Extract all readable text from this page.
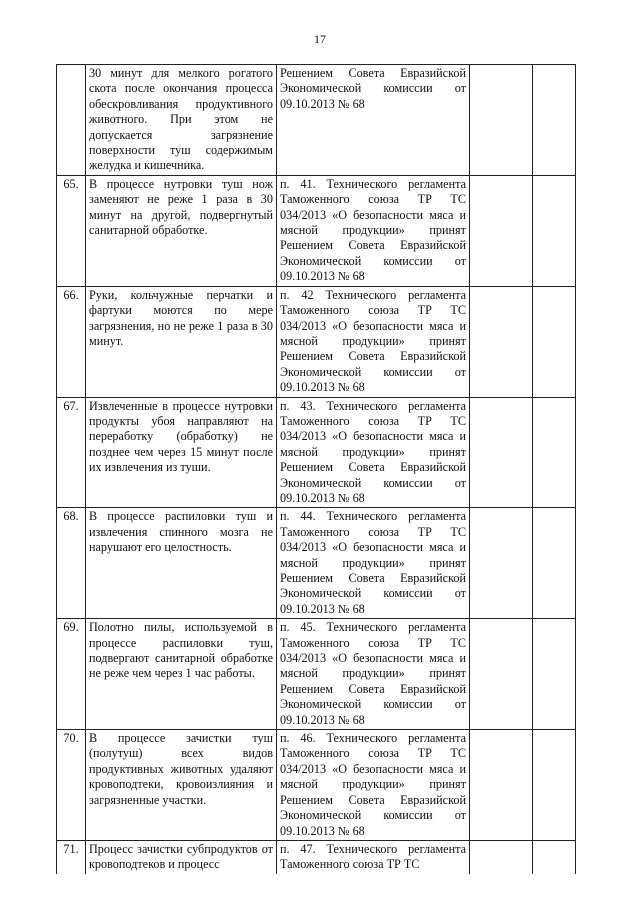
17
	30 минут для мелкого рогатого скота после окончания процесса обескровливания продуктивного животного. При этом не допускается загрязнение поверхности туш содержимым желудка и кишечника.	Решением Совета Евразийской Экономической комиссии от 09.10.2013 № 68		
65.	В процессе нутровки туш нож заменяют не реже 1 раза в 30 минут на другой, подвергнутый санитарной обработке.	п. 41. Технического регламента Таможенного союза ТР ТС 034/2013 «О безопасности мяса и мясной продукции» принят Решением Совета Евразийской Экономической комиссии от 09.10.2013 № 68		
66.	Руки, кольчужные перчатки и фартуки моются по мере загрязнения, но не реже 1 раза в 30 минут.	п. 42 Технического регламента Таможенного союза ТР ТС 034/2013 «О безопасности мяса и мясной продукции» принят Решением Совета Евразийской Экономической комиссии от 09.10.2013 № 68		
67.	Извлеченные в процессе нутровки продукты убоя направляют на переработку (обработку) не позднее чем через 15 минут после их извлечения из туши.	п. 43. Технического регламента Таможенного союза ТР ТС 034/2013 «О безопасности мяса и мясной продукции» принят Решением Совета Евразийской Экономической комиссии от 09.10.2013 № 68		
68.	В процессе распиловки туш и извлечения спинного мозга не нарушают его целостность.	п. 44. Технического регламента Таможенного союза ТР ТС 034/2013 «О безопасности мяса и мясной продукции» принят Решением Совета Евразийской Экономической комиссии от 09.10.2013 № 68		
69.	Полотно пилы, используемой в процессе распиловки туш, подвергают санитарной обработке не реже чем через 1 час работы.	п. 45. Технического регламента Таможенного союза ТР ТС 034/2013 «О безопасности мяса и мясной продукции» принят Решением Совета Евразийской Экономической комиссии от 09.10.2013 № 68		
70.	В процессе зачистки туш (полутуш) всех видов продуктивных животных удаляют кровоподтеки, кровоизлияния и загрязненные участки.	п. 46. Технического регламента Таможенного союза ТР ТС 034/2013 «О безопасности мяса и мясной продукции» принят Решением Совета Евразийской Экономической комиссии от 09.10.2013 № 68		
71.	Процесс зачистки субпродуктов от кровоподтеков и процесс	п. 47. Технического регламента Таможенного союза ТР ТС		
